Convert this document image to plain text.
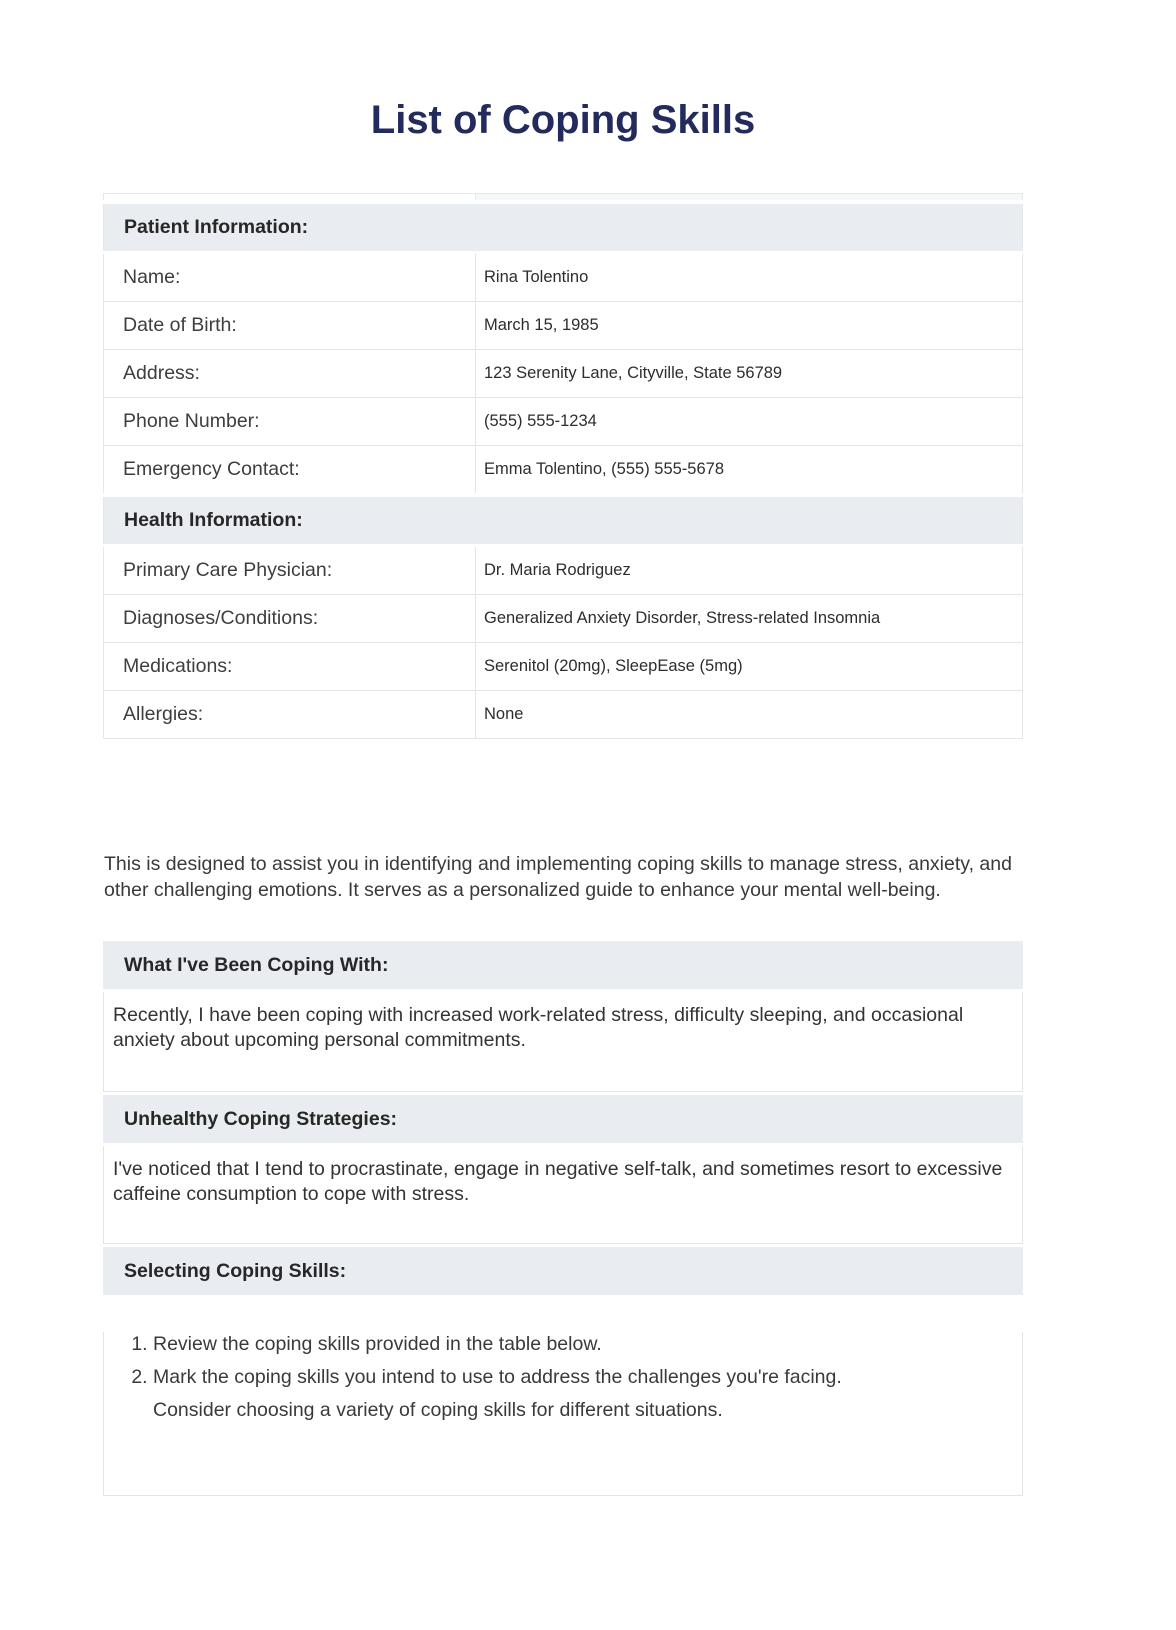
List of Coping Skills

Patient Information:	
Name:	Rina Tolentino
Date of Birth:	March 15, 1985
Address:	123 Serenity Lane, Cityville, State 56789
Phone Number:	(555) 555-1234
Emergency Contact:	Emma Tolentino, (555) 555-5678
Health Information:	
Primary Care Physician:	Dr. Maria Rodriguez
Diagnoses/Conditions:	Generalized Anxiety Disorder, Stress-related Insomnia
Medications:	Serenitol (20mg), SleepEase (5mg)
Allergies:	None

This is designed to assist you in identifying and implementing coping skills to manage stress, anxiety, and other challenging emotions. It serves as a personalized guide to enhance your mental well-being.

What I've Been Coping With:
Recently, I have been coping with increased work-related stress, difficulty sleeping, and occasional anxiety about upcoming personal commitments.
Unhealthy Coping Strategies:
I've noticed that I tend to procrastinate, engage in negative self-talk, and sometimes resort to excessive caffeine consumption to cope with stress.
Selecting Coping Skills:
1. Review the coping skills provided in the table below.
2. Mark the coping skills you intend to use to address the challenges you're facing.
Consider choosing a variety of coping skills for different situations.
